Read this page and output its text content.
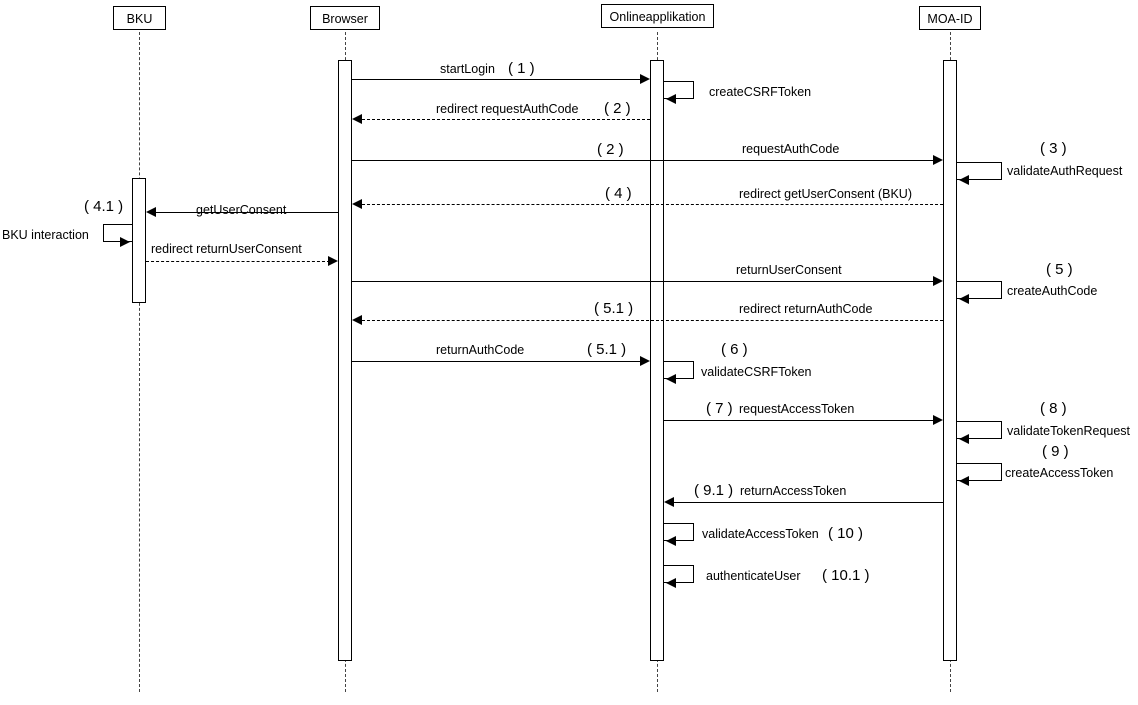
BKU	Browser	Onlineapplikation	MOA-ID
startLogin ( 1 )
createCSRFToken
redirect requestAuthCode ( 2 )
requestAuthCode
( 2 )
validateAuthRequest
( 3 )
redirect getUserConsent (BKU)
( 4 )
getUserConsent
( 4.1 )
BKU interaction
redirect returnUserConsent
returnUserConsent
createAuthCode
( 5 )
redirect returnAuthCode
( 5.1 )
returnAuthCode	( 5.1 )
validateCSRFToken
( 6 )
requestAccessToken
( 7 )
validateTokenRequest
( 8 )
createAccessToken
( 9 )
returnAccessToken
( 9.1 )
validateAccessToken ( 10 )
authenticateUser ( 10.1 )
